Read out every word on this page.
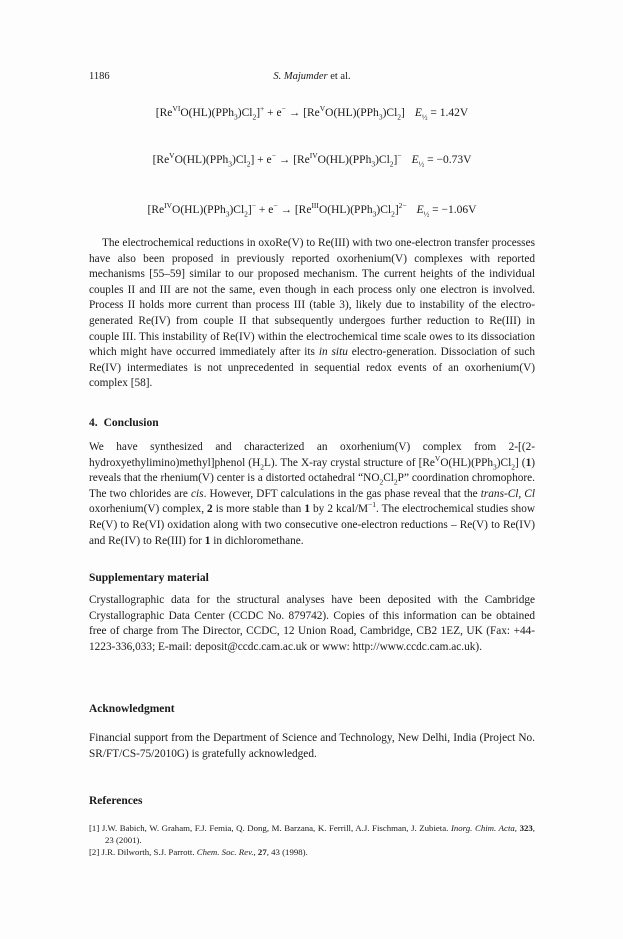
1186	S. Majumder et al.
$[Re^{VI}O(HL)(PPh_3)Cl_2]^+ + e^- \to [Re^VO(HL)(PPh_3)Cl_2] E_{\frac{1}{2}} = 1.42V$
$[Re^VO(HL)(PPh_3)Cl_2] + e^- \to [Re^{IV}O(HL)(PPh_3)Cl_2]^-$ $E_{\frac{1}{2}} = -0.73V$
$[Re^{IV}O(HL)(PPh_3)Cl_2]^- + e^- \to [Re^{III}O(HL)(PPh_3)Cl_2]^{2-}$ $E_{\frac{1}{2}} = -1.06V$

The electrochemical reductions in oxoRe(V) to Re(III) with two one-electron transfer processes have also been proposed in previously reported oxorhenium(V) complexes with reported mechanisms [55–59] similar to our proposed mechanism. The current heights of the individual couples II and III are not the same, even though in each process only one electron is involved. Process II holds more current than process III (table 3), likely due to instability of the electro-generated Re(IV) from couple II that subsequently undergoes further reduction to Re(III) in couple III. This instability of Re(IV) within the electrochemical time scale owes to its dissociation which might have occurred immediately after its in situ electro-generation. Dissociation of such Re(IV) intermediates is not unprecedented in sequential redox events of an oxorhenium(V) complex [58].

4. Conclusion

We have synthesized and characterized an oxorhenium(V) complex from 2-[(2-hydroxyethylimino)methyl]phenol $(H_2L)$. The X-ray crystal structure of $[Re^VO(HL)(PPh_3)Cl_2]$ (1) reveals that the rhenium(V) center is a distorted octahedral “$NO_2Cl_2P$” coordination chromophore. The two chlorides are cis. However, DFT calculations in the gas phase reveal that the trans-Cl, Cl oxorhenium(V) complex, 2 is more stable than 1 by 2 kcal/$M^{-1}$. The electrochemical studies show Re(V) to Re(VI) oxidation along with two consecutive one-electron reductions – Re(V) to Re(IV) and Re(IV) to Re(III) for 1 in dichloromethane.

Supplementary material

Crystallographic data for the structural analyses have been deposited with the Cambridge Crystallographic Data Center (CCDC No. 879742). Copies of this information can be obtained free of charge from The Director, CCDC, 12 Union Road, Cambridge, CB2 1EZ, UK (Fax: +44-1223-336,033; E-mail: deposit@ccdc.cam.ac.uk or www: http://www.ccdc.cam.ac.uk).

Acknowledgment

Financial support from the Department of Science and Technology, New Delhi, India (Project No. SR/FT/CS-75/2010G) is gratefully acknowledged.

References

[1] J.W. Babich, W. Graham, F.J. Femia, Q. Dong, M. Barzana, K. Ferrill, A.J. Fischman, J. Zubieta. Inorg. Chim. Acta, 323, 23 (2001).

[2] J.R. Dilworth, S.J. Parrott. Chem. Soc. Rev., 27, 43 (1998).
